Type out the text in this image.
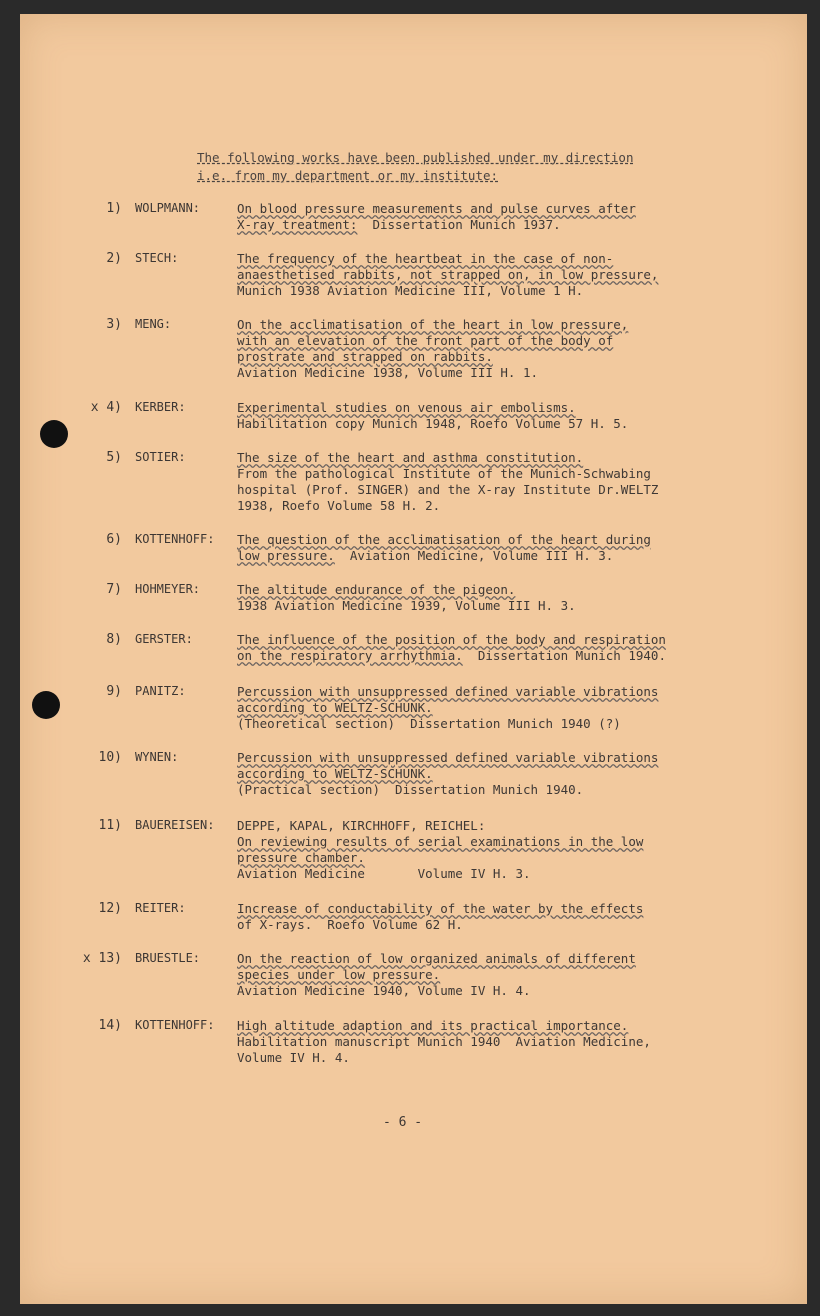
The following works have been published under my direction
i.e. from my department or my institute:
1) WOLPMANN:	On blood pressure measurements and pulse curves after
X-ray treatment: Dissertation Munich 1937.
2) STECH:	The frequency of the heartbeat in the case of non-
anaesthetised rabbits, not strapped on, in low pressure,
Munich 1938 Aviation Medicine III, Volume 1 H.
3) MENG:	On the acclimatisation of the heart in low pressure,
with an elevation of the front part of the body of
prostrate and strapped on rabbits.
Aviation Medicine 1938, Volume III H. 1.
x 4) KERBER:	Experimental studies on venous air embolisms.
Habilitation copy Munich 1948, Roefo Volume 57 H. 5.
5) SOTIER:	The size of the heart and asthma constitution.
From the pathological Institute of the Munich-Schwabing
hospital (Prof. SINGER) and the X-ray Institute Dr.WELTZ
1938, Roefo Volume 58 H. 2.
6) KOTTENHOFF: The question of the acclimatisation of the heart during
low pressure. Aviation Medicine, Volume III H. 3.
7) HOHMEYER:	The altitude endurance of the pigeon.
1938 Aviation Medicine 1939, Volume III H. 3.
8) GERSTER:	The influence of the position of the body and respiration
on the respiratory arrhythmia. Dissertation Munich 1940.
9) PANITZ:	Percussion with unsuppressed defined variable vibrations
according to WELTZ-SCHUNK.
(Theoretical section)  Dissertation Munich 1940 (?)
10) WYNEN:	Percussion with unsuppressed defined variable vibrations
according to WELTZ-SCHUNK.
(Practical section)  Dissertation Munich 1940.
11) BAUEREISEN: DEPPE, KAPAL, KIRCHHOFF, REICHEL:
On reviewing results of serial examinations in the low
pressure chamber.
Aviation Medicine       Volume IV H. 3.
12) REITER:	Increase of conductability of the water by the effects
of X-rays.  Roefo Volume 62 H.
x 13) BRUESTLE:	On the reaction of low organized animals of different
species under low pressure.
Aviation Medicine 1940, Volume IV H. 4.
14) KOTTENHOFF: High altitude adaption and its practical importance.
Habilitation manuscript Munich 1940  Aviation Medicine,
Volume IV H. 4.
- 6 -
